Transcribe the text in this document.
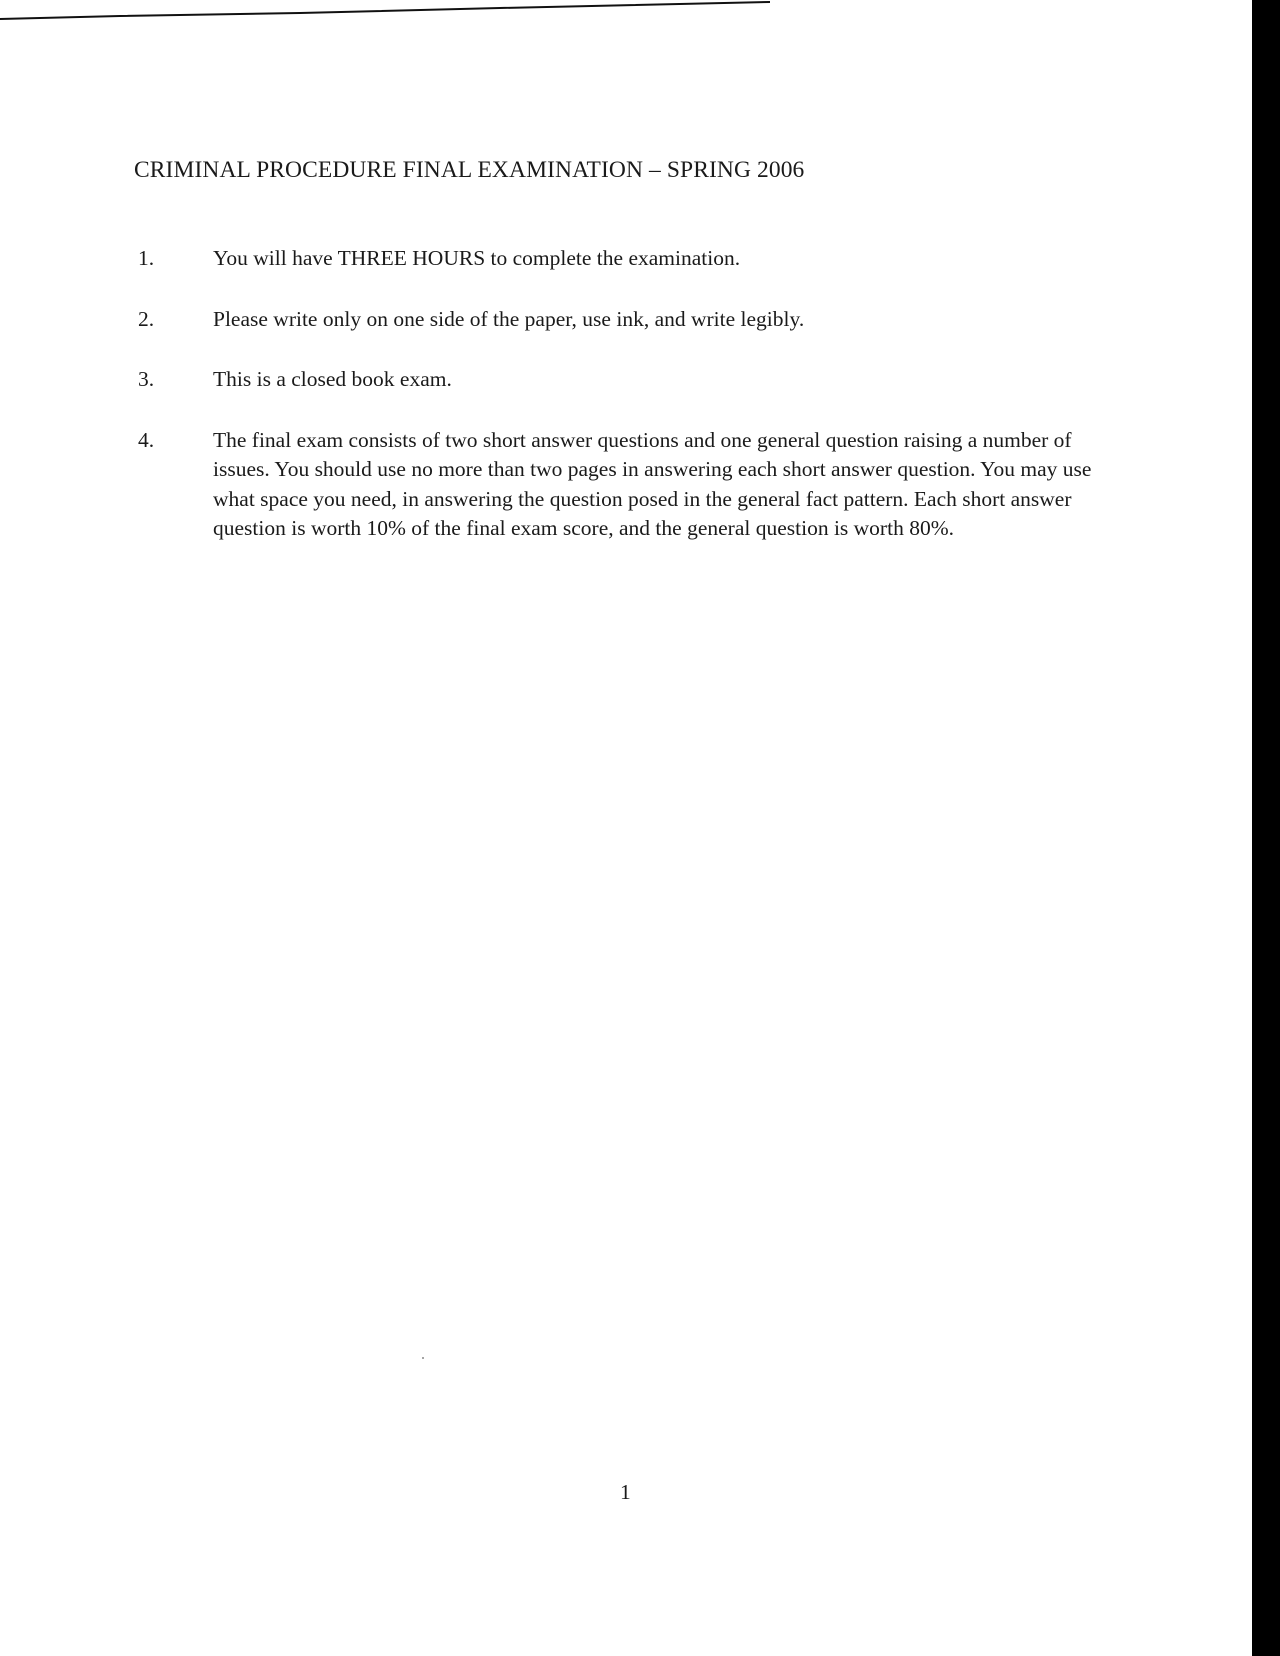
CRIMINAL PROCEDURE FINAL EXAMINATION – SPRING 2006
1.	You will have THREE HOURS to complete the examination.
2.	Please write only on one side of the paper, use ink, and write legibly.
3.	This is a closed book exam.
4.	The final exam consists of two short answer questions and one general question raising a number of issues. You should use no more than two pages in answering each short answer question. You may use what space you need, in answering the question posed in the general fact pattern. Each short answer question is worth 10% of the final exam score, and the general question is worth 80%.
1
